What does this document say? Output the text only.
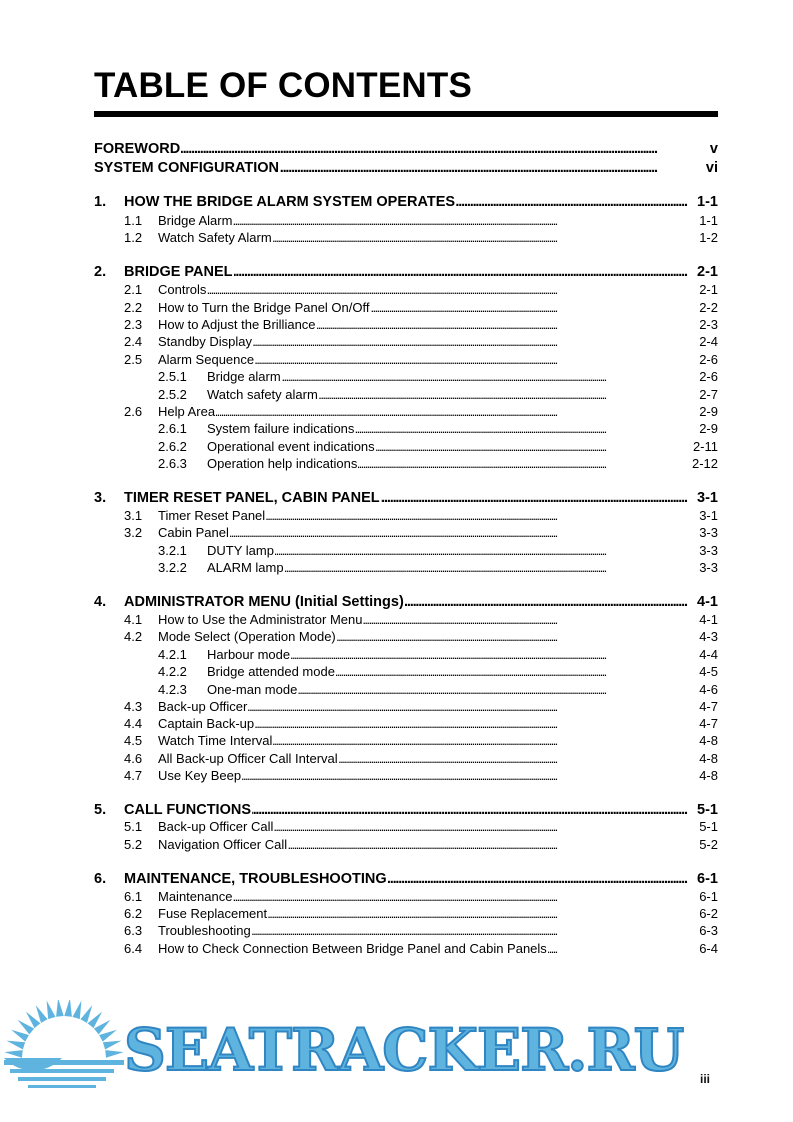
TABLE OF CONTENTS
FOREWORD . . .	v
SYSTEM CONFIGURATION . . .	vi
1. HOW THE BRIDGE ALARM SYSTEM OPERATES . . .	1-1
1.1 Bridge Alarm . . .	1-1
1.2 Watch Safety Alarm . . .	1-2
2. BRIDGE PANEL . . .	2-1
2.1 Controls . . .	2-1
2.2 How to Turn the Bridge Panel On/Off . . .	2-2
2.3 How to Adjust the Brilliance . . .	2-3
2.4 Standby Display . . .	2-4
2.5 Alarm Sequence . . .	2-6
2.5.1 Bridge alarm . . .	2-6
2.5.2 Watch safety alarm . . .	2-7
2.6 Help Area . . .	2-9
2.6.1 System failure indications . . .	2-9
2.6.2 Operational event indications . . .	2-11
2.6.3 Operation help indications . . .	2-12
3. TIMER RESET PANEL, CABIN PANEL . . .	3-1
3.1 Timer Reset Panel . . .	3-1
3.2 Cabin Panel . . .	3-3
3.2.1 DUTY lamp . . .	3-3
3.2.2 ALARM lamp . . .	3-3
4. ADMINISTRATOR MENU (Initial Settings) . . .	4-1
4.1 How to Use the Administrator Menu . . .	4-1
4.2 Mode Select (Operation Mode) . . .	4-3
4.2.1 Harbour mode . . .	4-4
4.2.2 Bridge attended mode . . .	4-5
4.2.3 One-man mode . . .	4-6
4.3 Back-up Officer . . .	4-7
4.4 Captain Back-up . . .	4-7
4.5 Watch Time Interval . . .	4-8
4.6 All Back-up Officer Call Interval . . .	4-8
4.7 Use Key Beep . . .	4-8
5. CALL FUNCTIONS . . .	5-1
5.1 Back-up Officer Call . . .	5-1
5.2 Navigation Officer Call . . .	5-2
6. MAINTENANCE, TROUBLESHOOTING . . .	6-1
6.1 Maintenance . . .	6-1
6.2 Fuse Replacement . . .	6-2
6.3 Troubleshooting . . .	6-3
6.4 How to Check Connection Between Bridge Panel and Cabin Panels . . .	6-4
SEATRACKER.RU iii
